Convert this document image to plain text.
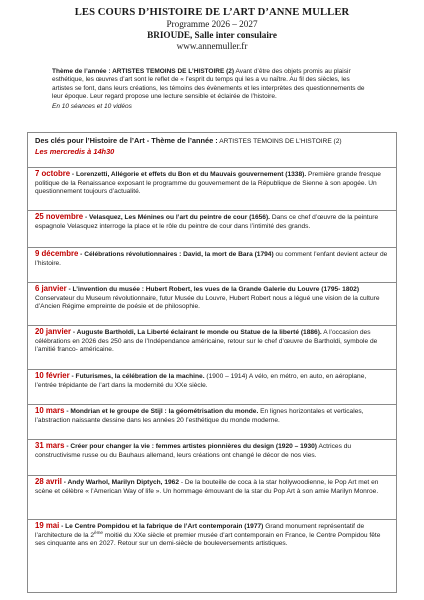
LES COURS D’HISTOIRE DE L’ART D’ANNE MULLER
Programme 2026 – 2027
BRIOUDE, Salle inter consulaire
www.annemuller.fr
Thème de l’année : ARTISTES TEMOINS DE L’HISTOIRE (2) Avant d’être des objets promis au plaisir esthétique, les œuvres d’art sont le reflet de « l’esprit du temps qui les a vu naître. Au fil des siècles, les artistes se font, dans leurs créations, les témoins des évènements et les interprètes des questionnements de leur époque. Leur regard propose une lecture sensible et éclairée de l’histoire.
En 10 séances et 10 vidéos
Des clés pour l’Histoire de l’Art - Thème de l’année : ARTISTES TEMOINS DE L’HISTOIRE (2)
Les mercredis à 14h30
7 octobre - Lorenzetti, Allégorie et effets du Bon et du Mauvais gouvernement (1338). Première grande fresque politique de la Renaissance exposant le programme du gouvernement de la République de Sienne à son apogée. Un questionnement toujours d’actualité.
25 novembre - Velasquez, Les Ménines ou l’art du peintre de cour (1656). Dans ce chef d’œuvre de la peinture espagnole Velasquez interroge la place et le rôle du peintre de cour dans l’intimité des grands.
9 décembre - Célébrations révolutionnaires : David, la mort de Bara (1794) ou comment l’enfant devient acteur de l’histoire.
6 janvier - L’invention du musée : Hubert Robert, les vues de la Grande Galerie du Louvre (1795- 1802) Conservateur du Museum révolutionnaire, futur Musée du Louvre, Hubert Robert nous a légué une vision de la culture d’Ancien Régime empreinte de poésie et de philosophie.
20 janvier - Auguste Bartholdi, La Liberté éclairant le monde ou Statue de la liberté (1886). A l’occasion des célébrations en 2026 des 250 ans de l’Indépendance américaine, retour sur le chef d’œuvre de Bartholdi, symbole de l’amitié franco- américaine.
10 février - Futurismes, la célébration de la machine. (1900 – 1914) A vélo, en métro, en auto, en aéroplane, l’entrée trépidante de l’art dans la modernité du XXe siècle.
10 mars - Mondrian et le groupe de Stijl : la géométrisation du monde. En lignes horizontales et verticales, l’abstraction naissante dessine dans les années 20 l’esthétique du monde moderne.
31 mars - Créer pour changer la vie : femmes artistes pionnières du design (1920 – 1930) Actrices du constructivisme russe ou du Bauhaus allemand, leurs créations ont changé le décor de nos vies.
28 avril - Andy Warhol, Marilyn Diptych, 1962 - De la bouteille de coca à la star hollywoodienne, le Pop Art met en scène et célèbre « l’American Way of life ». Un hommage émouvant de la star du Pop Art à son amie Marilyn Monroe.
19 mai - Le Centre Pompidou et la fabrique de l’Art contemporain (1977) Grand monument représentatif de l’architecture de la 2ème moitié du XXe siècle et premier musée d’art contemporain en France, le Centre Pompidou fête ses cinquante ans en 2027. Retour sur un demi-siècle de bouleversements artistiques.
